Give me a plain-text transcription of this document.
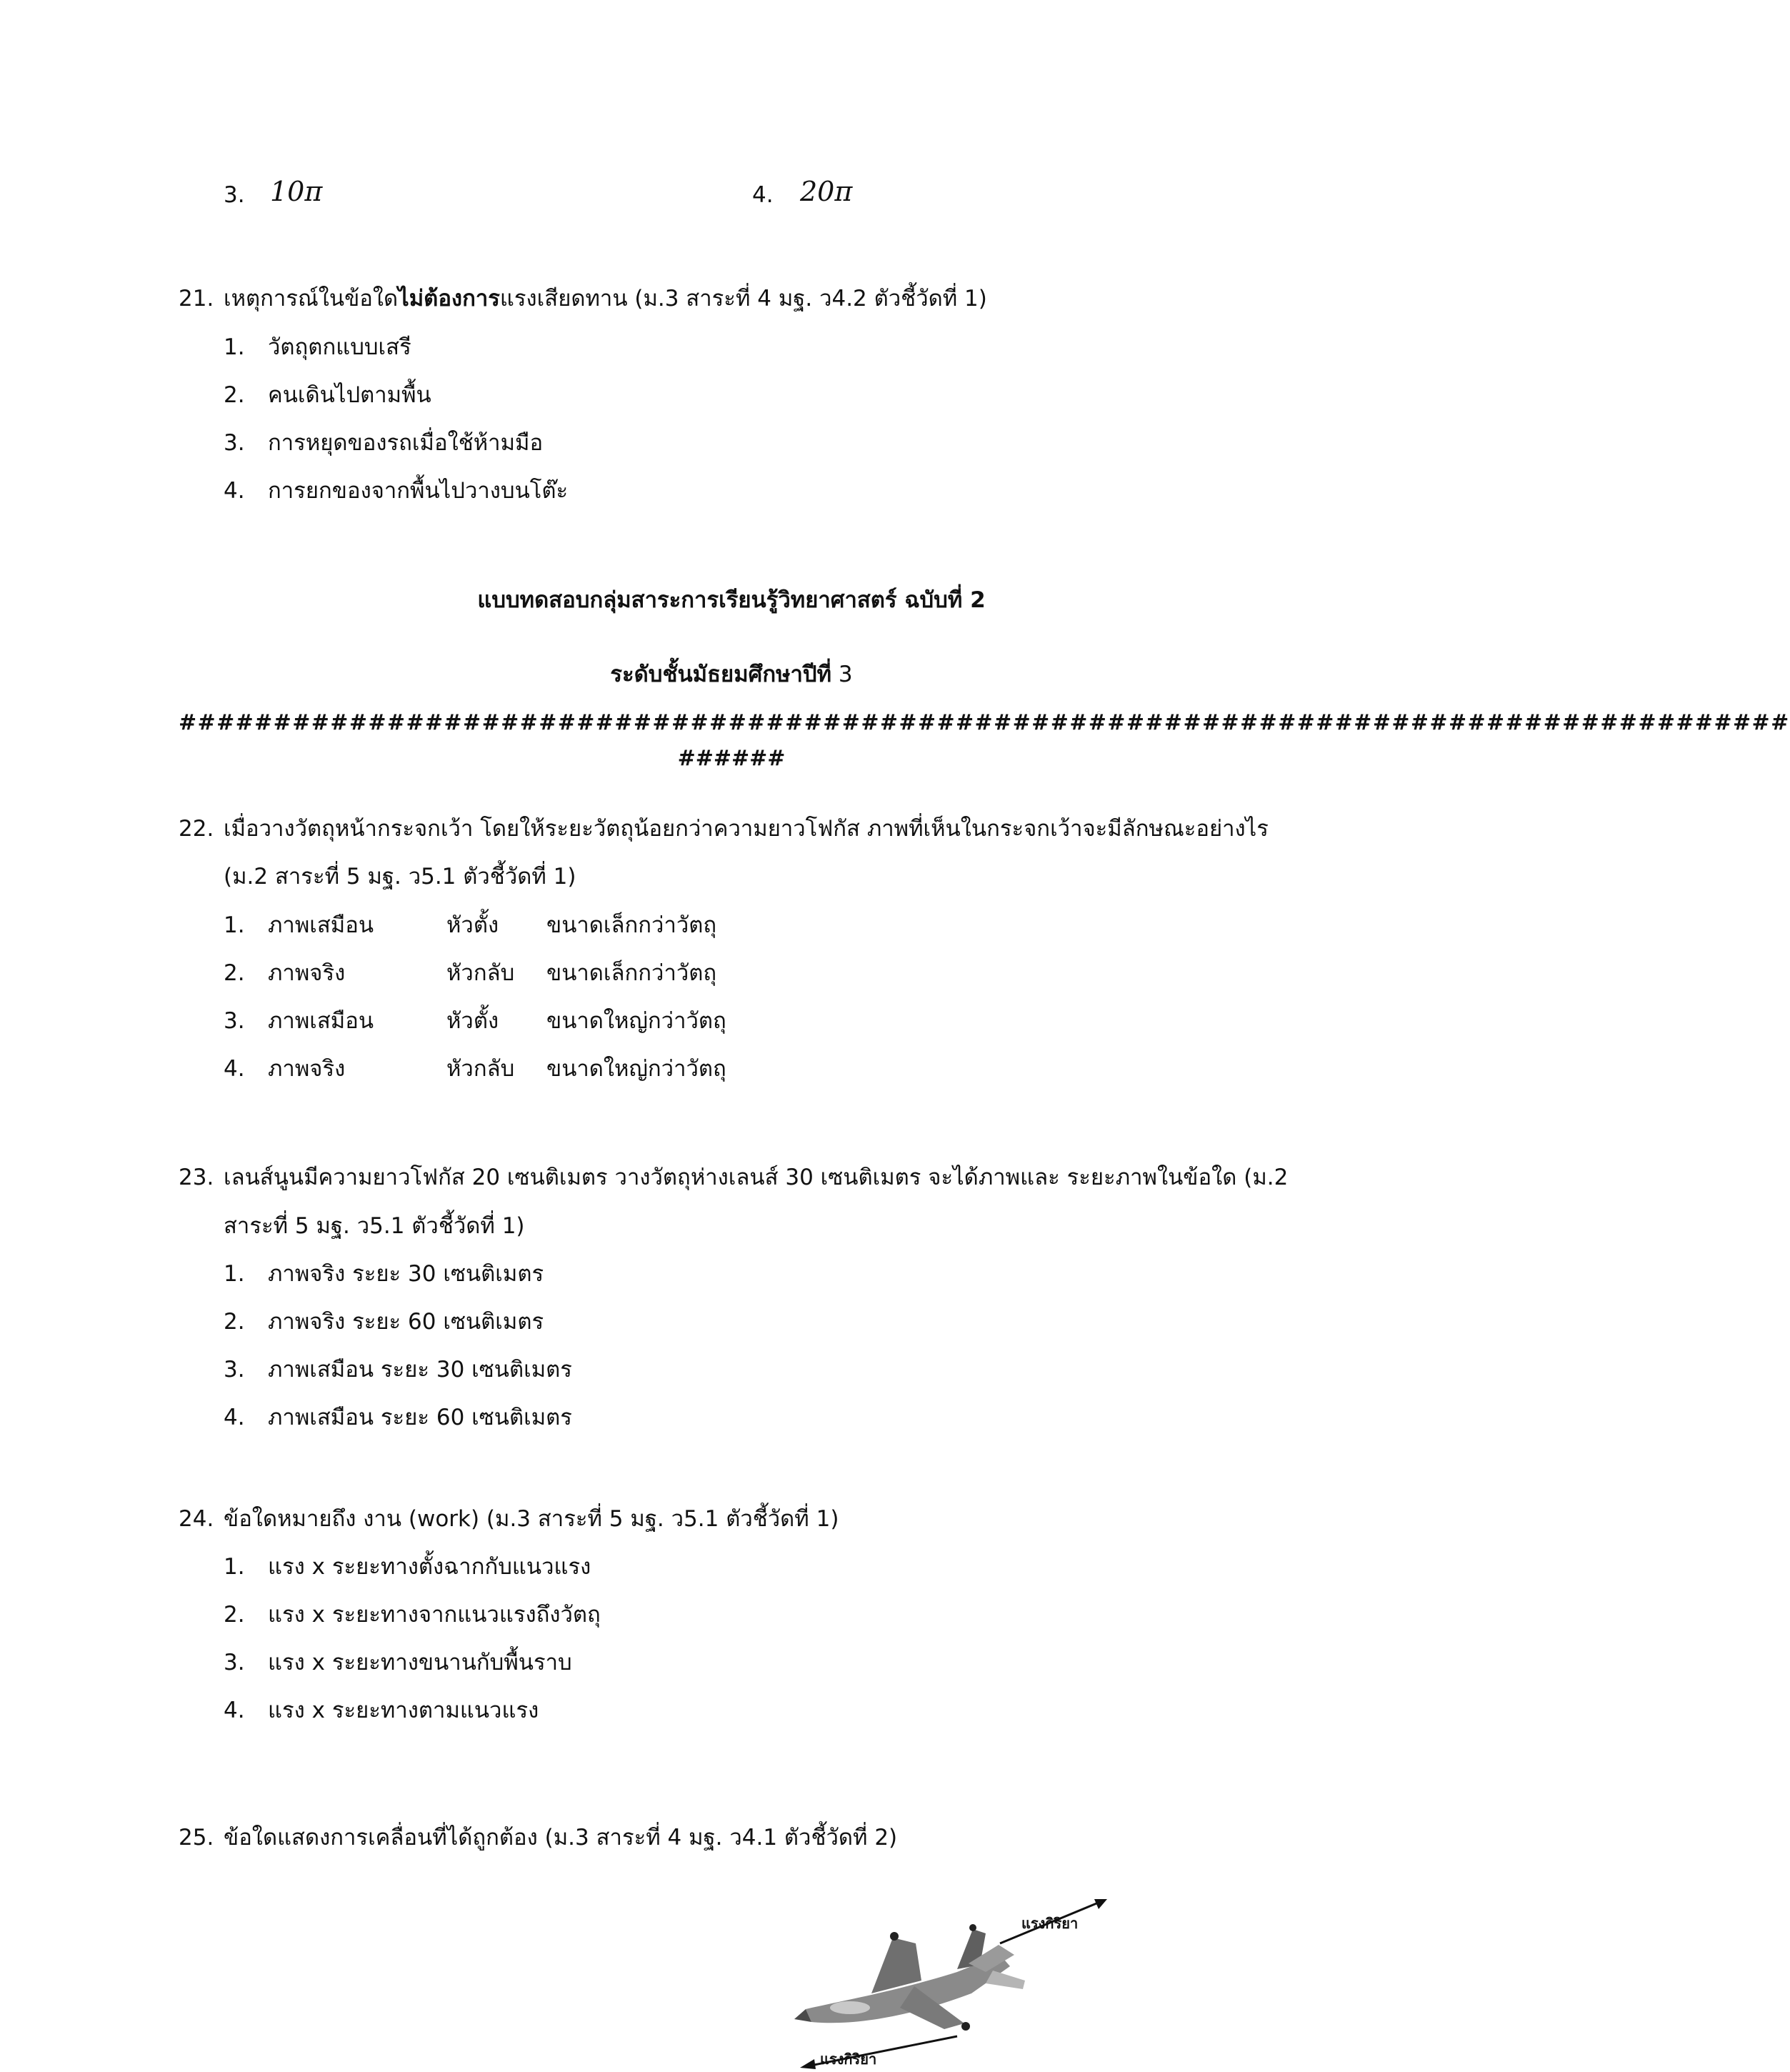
3. 10π	4. 20π
21. เหตุการณ์ในข้อใดไม่ต้องการแรงเสียดทาน (ม.3 สาระที่ 4 มฐ. ว4.2 ตัวชี้วัดที่ 1)
1. วัตถุตกแบบเสรี
2. คนเดินไปตามพื้น
3. การหยุดของรถเมื่อใช้ห้ามมือ
4. การยกของจากพื้นไปวางบนโต๊ะ
แบบทดสอบกลุ่มสาระการเรียนรู้วิทยาศาสตร์ ฉบับที่ 2
ระดับชั้นมัธยมศึกษาปีที่ 3
#####################################################################################
######
22. เมื่อวางวัตถุหน้ากระจกเว้า โดยให้ระยะวัตถุน้อยกว่าความยาวโฟกัส ภาพที่เห็นในกระจกเว้าจะมีลักษณะอย่างไร
(ม.2 สาระที่ 5 มฐ. ว5.1 ตัวชี้วัดที่ 1)
1. ภาพเสมือน	หัวตั้ง ขนาดเล็กกว่าวัตถุ
2. ภาพจริง	หัวกลับ ขนาดเล็กกว่าวัตถุ
3. ภาพเสมือน	หัวตั้ง ขนาดใหญ่กว่าวัตถุ
4. ภาพจริง	หัวกลับ ขนาดใหญ่กว่าวัตถุ
23. เลนส์นูนมีความยาวโฟกัส 20 เซนติเมตร วางวัตถุห่างเลนส์ 30 เซนติเมตร จะได้ภาพและ ระยะภาพในข้อใด (ม.2
สาระที่ 5 มฐ. ว5.1 ตัวชี้วัดที่ 1)
1. ภาพจริง ระยะ 30 เซนติเมตร
2. ภาพจริง ระยะ 60 เซนติเมตร
3. ภาพเสมือน ระยะ 30 เซนติเมตร
4. ภาพเสมือน ระยะ 60 เซนติเมตร
24. ข้อใดหมายถึง งาน (work) (ม.3 สาระที่ 5 มฐ. ว5.1 ตัวชี้วัดที่ 1)
1. แรง x ระยะทางตั้งฉากกับแนวแรง
2. แรง x ระยะทางจากแนวแรงถึงวัตถุ
3. แรง x ระยะทางขนานกับพื้นราบ
4. แรง x ระยะทางตามแนวแรง
25. ข้อใดแสดงการเคลื่อนที่ได้ถูกต้อง (ม.3 สาระที่ 4 มฐ. ว4.1 ตัวชี้วัดที่ 2)
แรงกิริยา
แรงกิริยา
